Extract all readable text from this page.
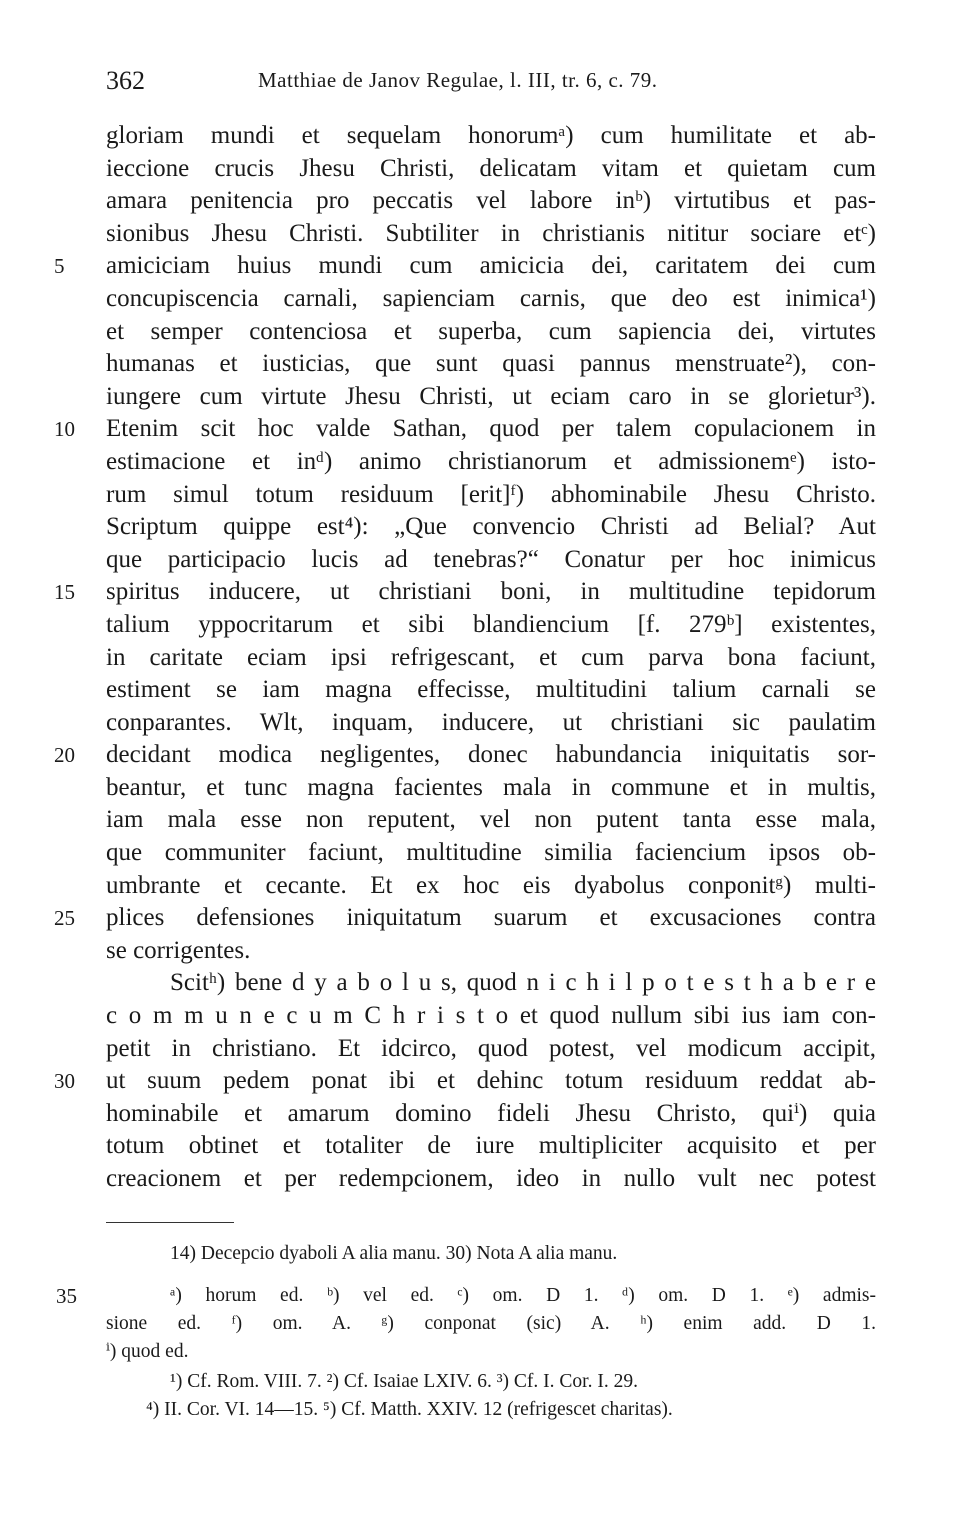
362	Matthiae de Janov Regulae, l. III, tr. 6, c. 79.
gloriam mundi et sequelam honorumᵃ) cum humilitate et ab-
ieccione crucis Jhesu Christi, delicatam vitam et quietam cum
amara penitencia pro peccatis vel labore inᵇ) virtutibus et pas-
sionibus Jhesu Christi. Subtiliter in christianis nititur sociare etᶜ)
5	amiciciam huius mundi cum amicicia dei, caritatem dei cum
concupiscencia carnali, sapienciam carnis, que deo est inimica¹)
et semper contenciosa et superba, cum sapiencia dei, virtutes
humanas et iusticias, que sunt quasi pannus menstruate²), con-
iungere cum virtute Jhesu Christi, ut eciam caro in se glorietur³).
10	Etenim scit hoc valde Sathan, quod per talem copulacionem in
estimacione et inᵈ) animo christianorum et admissionemᵉ) isto-
rum simul totum residuum [erit]ᶠ) abhominabile Jhesu Christo.
Scriptum quippe est⁴): „Que convencio Christi ad Belial? Aut
que participacio lucis ad tenebras?“ Conatur per hoc inimicus
15	spiritus inducere, ut christiani boni, in multitudine tepidorum
talium yppocritarum et sibi blandiencium [f. 279ᵇ] existentes,
in caritate eciam ipsi refrigescant, et cum parva bona faciunt,
estiment se iam magna effecisse, multitudini talium carnali se
conparantes. Wlt, inquam, inducere, ut christiani sic paulatim
20	decidant modica negligentes, donec habundancia iniquitatis sor-
beantur, et tunc magna facientes mala in commune et in multis,
iam mala esse non reputent, vel non putent tanta esse mala,
que communiter faciunt, multitudine similia faciencium ipsos ob-
umbrante et cecante. Et ex hoc eis dyabolus conponitᵍ) multi-
25	plices defensiones iniquitatum suarum et excusaciones contra
se corrigentes.
Scitʰ) bene d y a b o l u s, quod n i c h i l p o t e s t h a b e r e
c o m m u n e c u m C h r i s t o et quod nullum sibi ius iam con-
petit in christiano. Et idcirco, quod potest, vel modicum accipit,
30	ut suum pedem ponat ibi et dehinc totum residuum reddat ab-
hominabile et amarum domino fideli Jhesu Christo, quiⁱ) quia
totum obtinet et totaliter de iure multipliciter acquisito et per
creacionem et per redempcionem, ideo in nullo vult nec potest
14) Decepcio dyaboli A alia manu. 30) Nota A alia manu.
35	ᵃ) horum ed. ᵇ) vel ed. ᶜ) om. D 1. ᵈ) om. D 1. ᵉ) admis-
sione ed. ᶠ) om. A. ᵍ) conponat (sic) A. ʰ) enim add. D 1.
ⁱ) quod ed.
¹) Cf. Rom. VIII. 7. ²) Cf. Isaiae LXIV. 6. ³) Cf. I. Cor. I. 29.
⁴) II. Cor. VI. 14—15. ⁵) Cf. Matth. XXIV. 12 (refrigescet charitas).
